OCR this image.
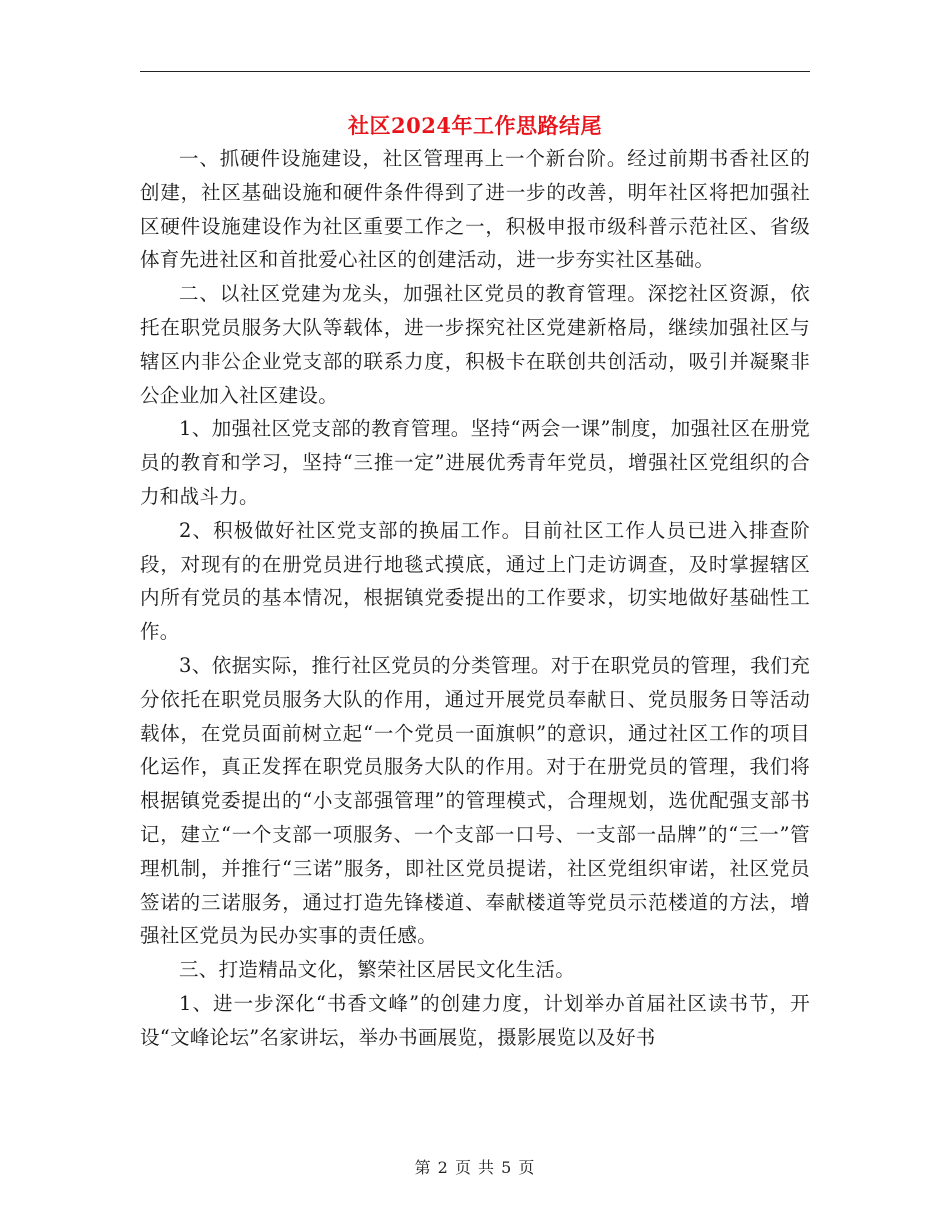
社区2024年工作思路结尾

一、抓硬件设施建设，社区管理再上一个新台阶。经过前期书香社区的创建，社区基础设施和硬件条件得到了进一步的改善，明年社区将把加强社区硬件设施建设作为社区重要工作之一，积极申报市级科普示范社区、省级体育先进社区和首批爱心社区的创建活动，进一步夯实社区基础。

二、以社区党建为龙头，加强社区党员的教育管理。深挖社区资源，依托在职党员服务大队等载体，进一步探究社区党建新格局，继续加强社区与辖区内非公企业党支部的联系力度，积极卡在联创共创活动，吸引并凝聚非公企业加入社区建设。

1、加强社区党支部的教育管理。坚持“两会一课”制度，加强社区在册党员的教育和学习，坚持“三推一定”进展优秀青年党员，增强社区党组织的合力和战斗力。

2、积极做好社区党支部的换届工作。目前社区工作人员已进入排查阶段，对现有的在册党员进行地毯式摸底，通过上门走访调查，及时掌握辖区内所有党员的基本情况，根据镇党委提出的工作要求，切实地做好基础性工作。

3、依据实际，推行社区党员的分类管理。对于在职党员的管理，我们充分依托在职党员服务大队的作用，通过开展党员奉献日、党员服务日等活动载体，在党员面前树立起“一个党员一面旗帜”的意识，通过社区工作的项目化运作，真正发挥在职党员服务大队的作用。对于在册党员的管理，我们将根据镇党委提出的“小支部强管理”的管理模式，合理规划，选优配强支部书记，建立“一个支部一项服务、一个支部一口号、一支部一品牌”的“三一”管理机制，并推行“三诺”服务，即社区党员提诺，社区党组织审诺，社区党员签诺的三诺服务，通过打造先锋楼道、奉献楼道等党员示范楼道的方法，增强社区党员为民办实事的责任感。

三、打造精品文化，繁荣社区居民文化生活。

1、进一步深化“书香文峰”的创建力度，计划举办首届社区读书节，开设“文峰论坛”名家讲坛，举办书画展览，摄影展览以及好书

第 2 页 共 5 页
